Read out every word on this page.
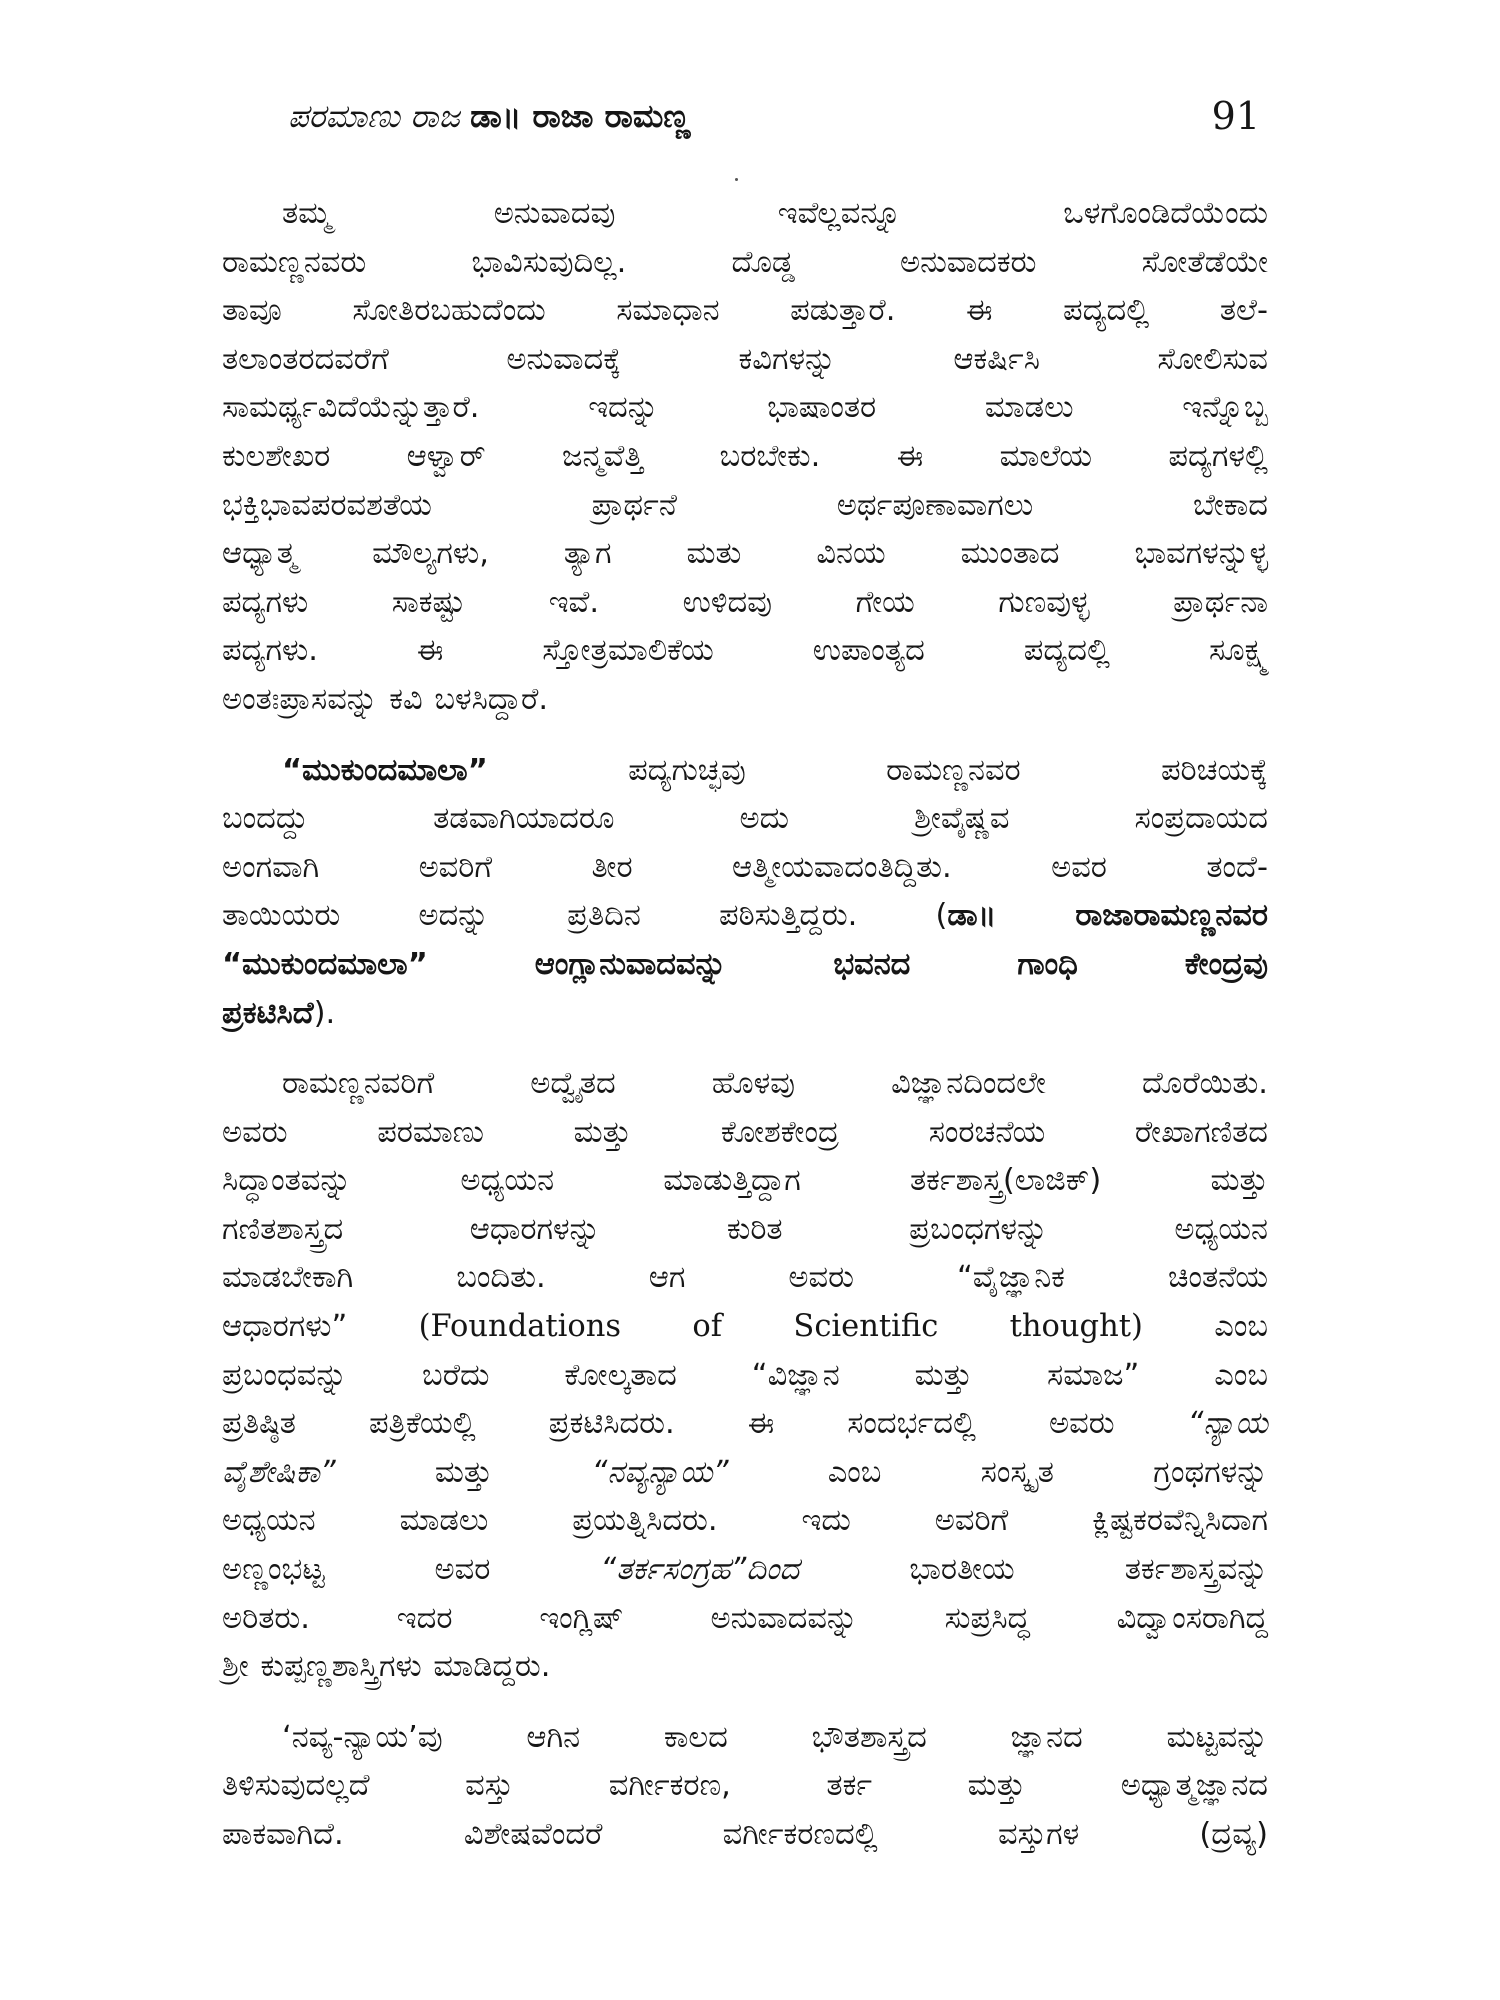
ಪರಮಾಣು ರಾಜ ಡಾ॥ ರಾಜಾ ರಾಮಣ್ಣ	91
ತಮ್ಮ ಅನುವಾದವು ಇವೆಲ್ಲವನ್ನೂ ಒಳಗೊಂಡಿದೆಯೆಂದು
ರಾಮಣ್ಣನವರು ಭಾವಿಸುವುದಿಲ್ಲ. ದೊಡ್ಡ ಅನುವಾದಕರು ಸೋತೆಡೆಯೇ
ತಾವೂ ಸೋತಿರಬಹುದೆಂದು ಸಮಾಧಾನ ಪಡುತ್ತಾರೆ. ಈ ಪದ್ಯದಲ್ಲಿ ತಲೆ-
ತಲಾಂತರದವರೆಗೆ ಅನುವಾದಕ್ಕೆ ಕವಿಗಳನ್ನು ಆಕರ್ಷಿಸಿ ಸೋಲಿಸುವ
ಸಾಮರ್ಥ್ಯವಿದೆಯೆನ್ನುತ್ತಾರೆ. ಇದನ್ನು ಭಾಷಾಂತರ ಮಾಡಲು ಇನ್ನೊಬ್ಬ
ಕುಲಶೇಖರ ಆಳ್ವಾರ್ ಜನ್ಮವೆತ್ತಿ ಬರಬೇಕು. ಈ ಮಾಲೆಯ ಪದ್ಯಗಳಲ್ಲಿ
ಭಕ್ತಿಭಾವಪರವಶತೆಯ ಪ್ರಾರ್ಥನೆ ಅರ್ಥಪೂಣಾವಾಗಲು ಬೇಕಾದ
ಆಧ್ಯಾತ್ಮ ಮೌಲ್ಯಗಳು, ತ್ಯಾಗ ಮತು ವಿನಯ ಮುಂತಾದ ಭಾವಗಳನ್ನುಳ್ಳ
ಪದ್ಯಗಳು ಸಾಕಷ್ಟು ಇವೆ. ಉಳಿದವು ಗೇಯ ಗುಣವುಳ್ಳ ಪ್ರಾರ್ಥನಾ
ಪದ್ಯಗಳು. ಈ ಸ್ತೋತ್ರಮಾಲಿಕೆಯ ಉಪಾಂತ್ಯದ ಪದ್ಯದಲ್ಲಿ ಸೂಕ್ಷ್ಮ
ಅಂತಃಪ್ರಾಸವನ್ನು ಕವಿ ಬಳಸಿದ್ದಾರೆ.
“ಮುಕುಂದಮಾಲಾ”	ಪದ್ಯಗುಚ್ಛವು ರಾಮಣ್ಣನವರ ಪರಿಚಯಕ್ಕೆ
ಬಂದದ್ದು ತಡವಾಗಿಯಾದರೂ ಅದು ಶ್ರೀವೈಷ್ಣವ ಸಂಪ್ರದಾಯದ
ಅಂಗವಾಗಿ ಅವರಿಗೆ ತೀರ ಆತ್ಮೀಯವಾದಂತಿದ್ದಿತು. ಅವರ ತಂದೆ-
ತಾಯಿಯರು ಅದನ್ನು ಪ್ರತಿದಿನ ಪಠಿಸುತ್ತಿದ್ದರು. (ಡಾ॥ ರಾಜಾರಾಮಣ್ಣನವರ
“ಮುಕುಂದಮಾಲಾ” ಆಂಗ್ಲಾನುವಾದವನ್ನು ಭವನದ ಗಾಂಧಿ ಕೇಂದ್ರವು
ಪ್ರಕಟಿಸಿದೆ).
ರಾಮಣ್ಣನವರಿಗೆ ಅದ್ವೈತದ ಹೊಳವು ವಿಜ್ಞಾನದಿಂದಲೇ ದೊರೆಯಿತು.
ಅವರು ಪರಮಾಣು ಮತ್ತು ಕೋಶಕೇಂದ್ರ ಸಂರಚನೆಯ ರೇಖಾಗಣಿತದ
ಸಿದ್ಧಾಂತವನ್ನು ಅಧ್ಯಯನ ಮಾಡುತ್ತಿದ್ದಾಗ ತರ್ಕಶಾಸ್ತ್ರ(ಲಾಜಿಕ್) ಮತ್ತು
ಗಣಿತಶಾಸ್ತ್ರದ ಆಧಾರಗಳನ್ನು ಕುರಿತ ಪ್ರಬಂಧಗಳನ್ನು ಅಧ್ಯಯನ
ಮಾಡಬೇಕಾಗಿ ಬಂದಿತು. ಆಗ ಅವರು “ವೈಜ್ಞಾನಿಕ ಚಿಂತನೆಯ
ಆಧಾರಗಳು” (Foundations of Scientific thought) ಎಂಬ
ಪ್ರಬಂಧವನ್ನು ಬರೆದು ಕೋಲ್ಕತಾದ “ವಿಜ್ಞಾನ ಮತ್ತು ಸಮಾಜ” ಎಂಬ
ಪ್ರತಿಷ್ಠಿತ ಪತ್ರಿಕೆಯಲ್ಲಿ ಪ್ರಕಟಿಸಿದರು. ಈ ಸಂದರ್ಭದಲ್ಲಿ ಅವರು “ನ್ಯಾಯ
ವೈಶೇಷಿಕಾ”	ಮತ್ತು	“ನವ್ಯನ್ಯಾಯ”	ಎಂಬ ಸಂಸ್ಕೃತ ಗ್ರಂಥಗಳನ್ನು
ಅಧ್ಯಯನ ಮಾಡಲು ಪ್ರಯತ್ನಿಸಿದರು. ಇದು ಅವರಿಗೆ ಕ್ಲಿಷ್ಟಕರವೆನ್ನಿಸಿದಾಗ
ಅಣ್ಣಂಭಟ್ಟ ಅವರ	“ತರ್ಕಸಂಗ್ರಹ”ದಿಂದ	ಭಾರತೀಯ ತರ್ಕಶಾಸ್ತ್ರವನ್ನು
ಅರಿತರು. ಇದರ ಇಂಗ್ಲಿಷ್ ಅನುವಾದವನ್ನು ಸುಪ್ರಸಿದ್ಧ ವಿದ್ವಾಂಸರಾಗಿದ್ದ
ಶ್ರೀ ಕುಪ್ಪಣ್ಣಶಾಸ್ತ್ರಿಗಳು ಮಾಡಿದ್ದರು.
‘ನವ್ಯ-ನ್ಯಾಯ’ವು ಆಗಿನ ಕಾಲದ ಭೌತಶಾಸ್ತ್ರದ ಜ್ಞಾನದ ಮಟ್ಟವನ್ನು
ತಿಳಿಸುವುದಲ್ಲದೆ ವಸ್ತು ವರ್ಗೀಕರಣ, ತರ್ಕ ಮತ್ತು ಅಧ್ಯಾತ್ಮಜ್ಞಾನದ
ಪಾಕವಾಗಿದೆ. ವಿಶೇಷವೆಂದರೆ ವರ್ಗೀಕರಣದಲ್ಲಿ ವಸ್ತುಗಳ (ದ್ರವ್ಯ)
